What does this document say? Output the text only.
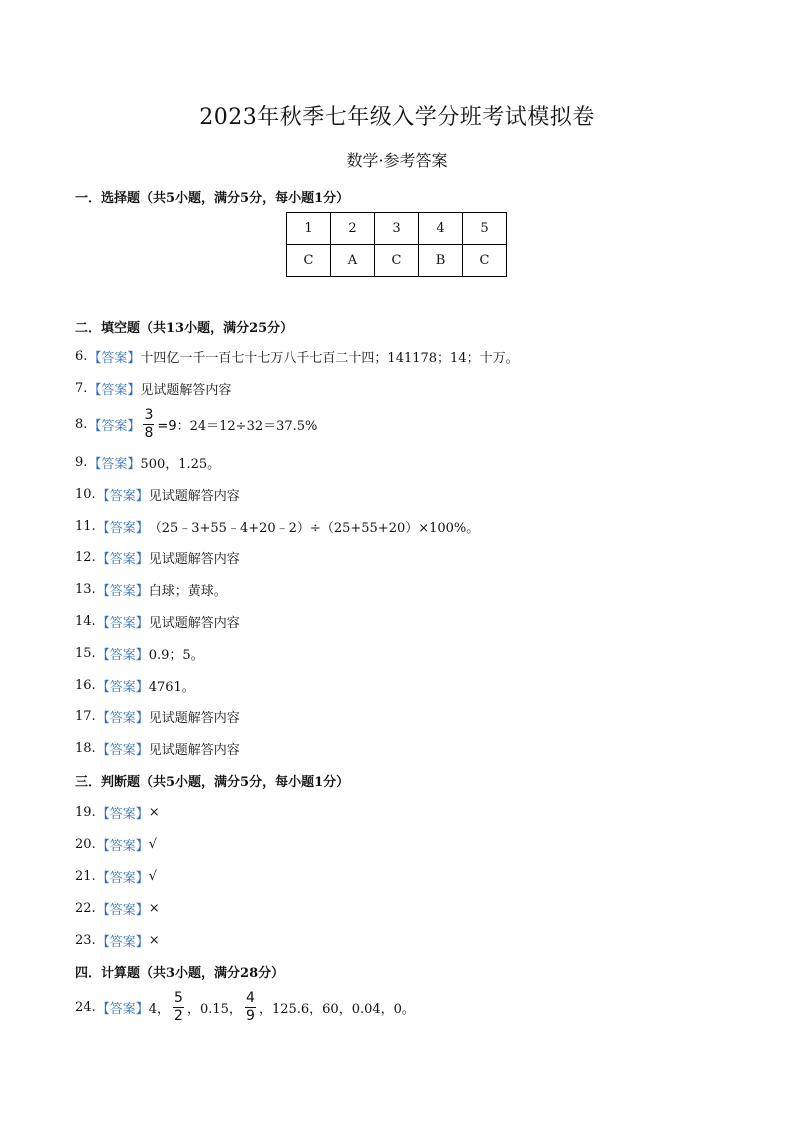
2023年秋季七年级入学分班考试模拟卷
数学·参考答案
一．选择题（共5小题，满分5分，每小题1分）
1	2	3	4	5
C	A	C	B	C
二．填空题（共13小题，满分25分）
6. 【答案】 十四亿一千一百七十七万八千七百二十四；141178；14；十万。
7. 【答案】 见试题解答内容
8. 【答案】 $\frac{3}{8} =9$： 24＝12÷32＝37.5%
9. 【答案】 500，1.25。
10. 【答案】 见试题解答内容
11. 【答案】 （25﹣3+55﹣4+20﹣2）÷（25+55+20）×100%。
12. 【答案】 见试题解答内容
13. 【答案】 白球；黄球。
14. 【答案】 见试题解答内容
15. 【答案】 0.9；5。
16. 【答案】 4761。
17. 【答案】 见试题解答内容
18. 【答案】 见试题解答内容
三．判断题（共5小题，满分5分，每小题1分）
19. 【答案】 ×
20. 【答案】 √
21. 【答案】 √
22. 【答案】 ×
23. 【答案】 ×
四．计算题（共3小题，满分28分）
24. 【答案】 4， $\frac{5}{2}$ ，0.15， $\frac{4}{9}$ ，125.6，60，0.04，0。
